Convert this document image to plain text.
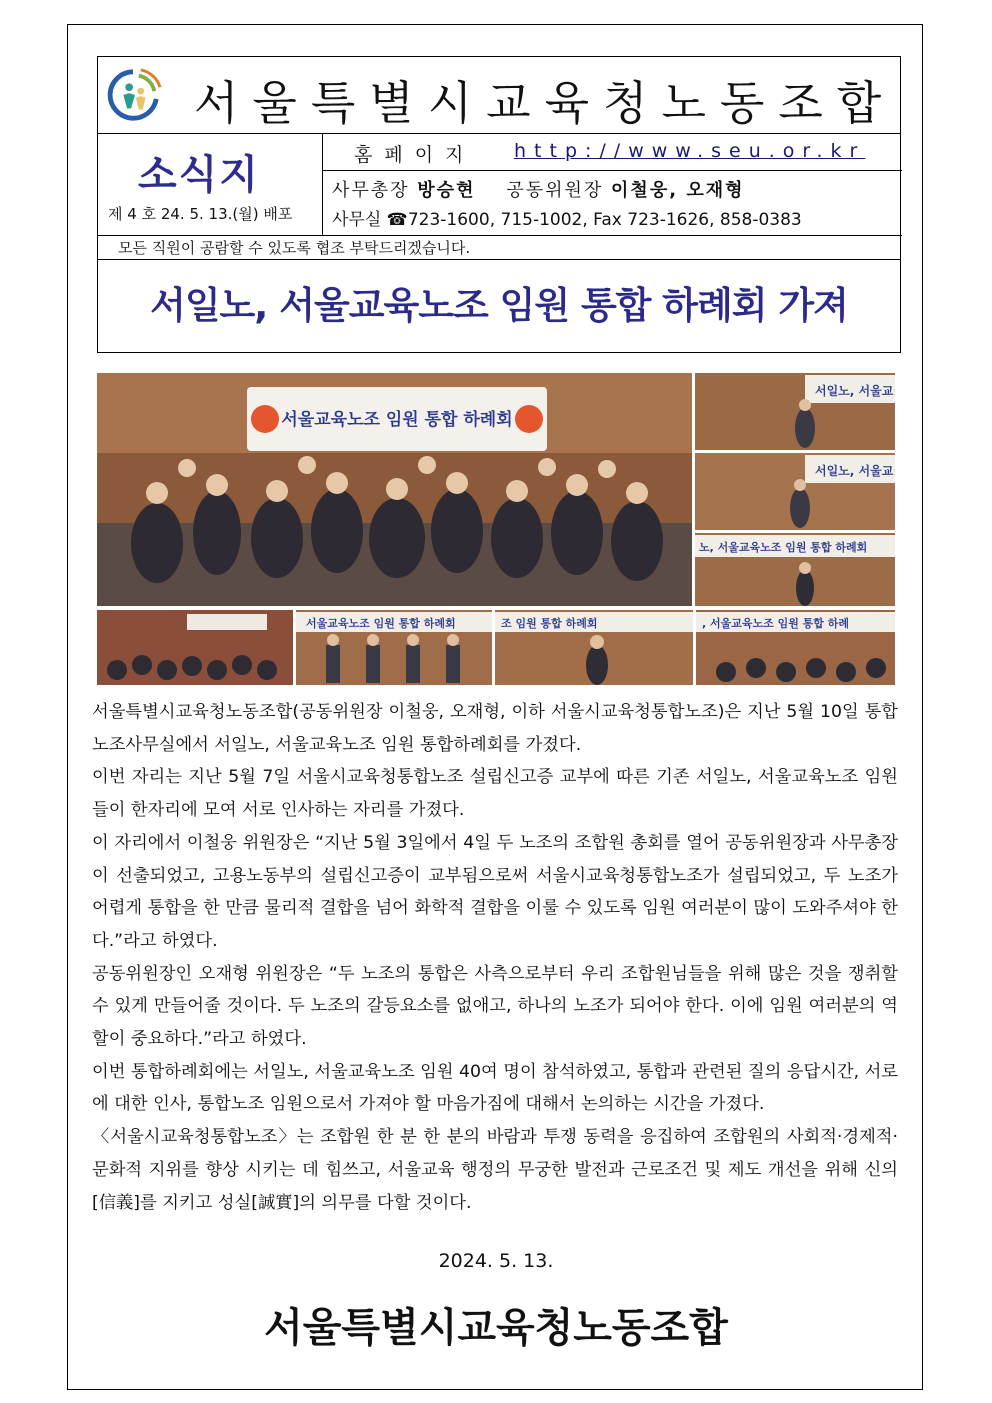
서울특별시교육청노동조합
소식지
제 4 호 24. 5. 13.(월) 배포
홈페이지 http://www.seu.or.kr
사무총장 방승현 공동위원장 이철웅, 오재형
사무실 ☎723-1600, 715-1002, Fax 723-1626, 858-0383
모든 직원이 공람할 수 있도록 협조 부탁드리겠습니다.
서일노, 서울교육노조 임원 통합 하례회 가져
서울교육노조 임원 통합 하례회
서일노, 서울교
서일노, 서울교
노, 서울교육노조 임원 통합 하례회
서울교육노조 임원 통합 하례회	조 임원 통합 하례회	, 서울교육노조 임원 통합 하례

서울특별시교육청노동조합(공동위원장 이철웅, 오재형, 이하 서울시교육청통합노조)은 지난 5월 10일 통합노조사무실에서 서일노, 서울교육노조 임원 통합하례회를 가졌다.

이번 자리는 지난 5월 7일 서울시교육청통합노조 설립신고증 교부에 따른 기존 서일노, 서울교육노조 임원들이 한자리에 모여 서로 인사하는 자리를 가졌다.

이 자리에서 이철웅 위원장은 “지난 5월 3일에서 4일 두 노조의 조합원 총회를 열어 공동위원장과 사무총장이 선출되었고, 고용노동부의 설립신고증이 교부됨으로써 서울시교육청통합노조가 설립되었고, 두 노조가 어렵게 통합을 한 만큼 물리적 결합을 넘어 화학적 결합을 이룰 수 있도록 임원 여러분이 많이 도와주셔야 한다.”라고 하였다.

공동위원장인 오재형 위원장은 “두 노조의 통합은 사측으로부터 우리 조합원님들을 위해 많은 것을 쟁취할 수 있게 만들어줄 것이다. 두 노조의 갈등요소를 없애고, 하나의 노조가 되어야 한다. 이에 임원 여러분의 역할이 중요하다.”라고 하였다.

이번 통합하례회에는 서일노, 서울교육노조 임원 40여 명이 참석하였고, 통합과 관련된 질의 응답시간, 서로에 대한 인사, 통합노조 임원으로서 가져야 할 마음가짐에 대해서 논의하는 시간을 가졌다.

〈서울시교육청통합노조〉는 조합원 한 분 한 분의 바람과 투쟁 동력을 응집하여 조합원의 사회적·경제적·문화적 지위를 향상 시키는 데 힘쓰고, 서울교육 행정의 무궁한 발전과 근로조건 및 제도 개선을 위해 신의[信義]를 지키고 성실[誠實]의 의무를 다할 것이다.

2024. 5. 13.
서울특별시교육청노동조합
